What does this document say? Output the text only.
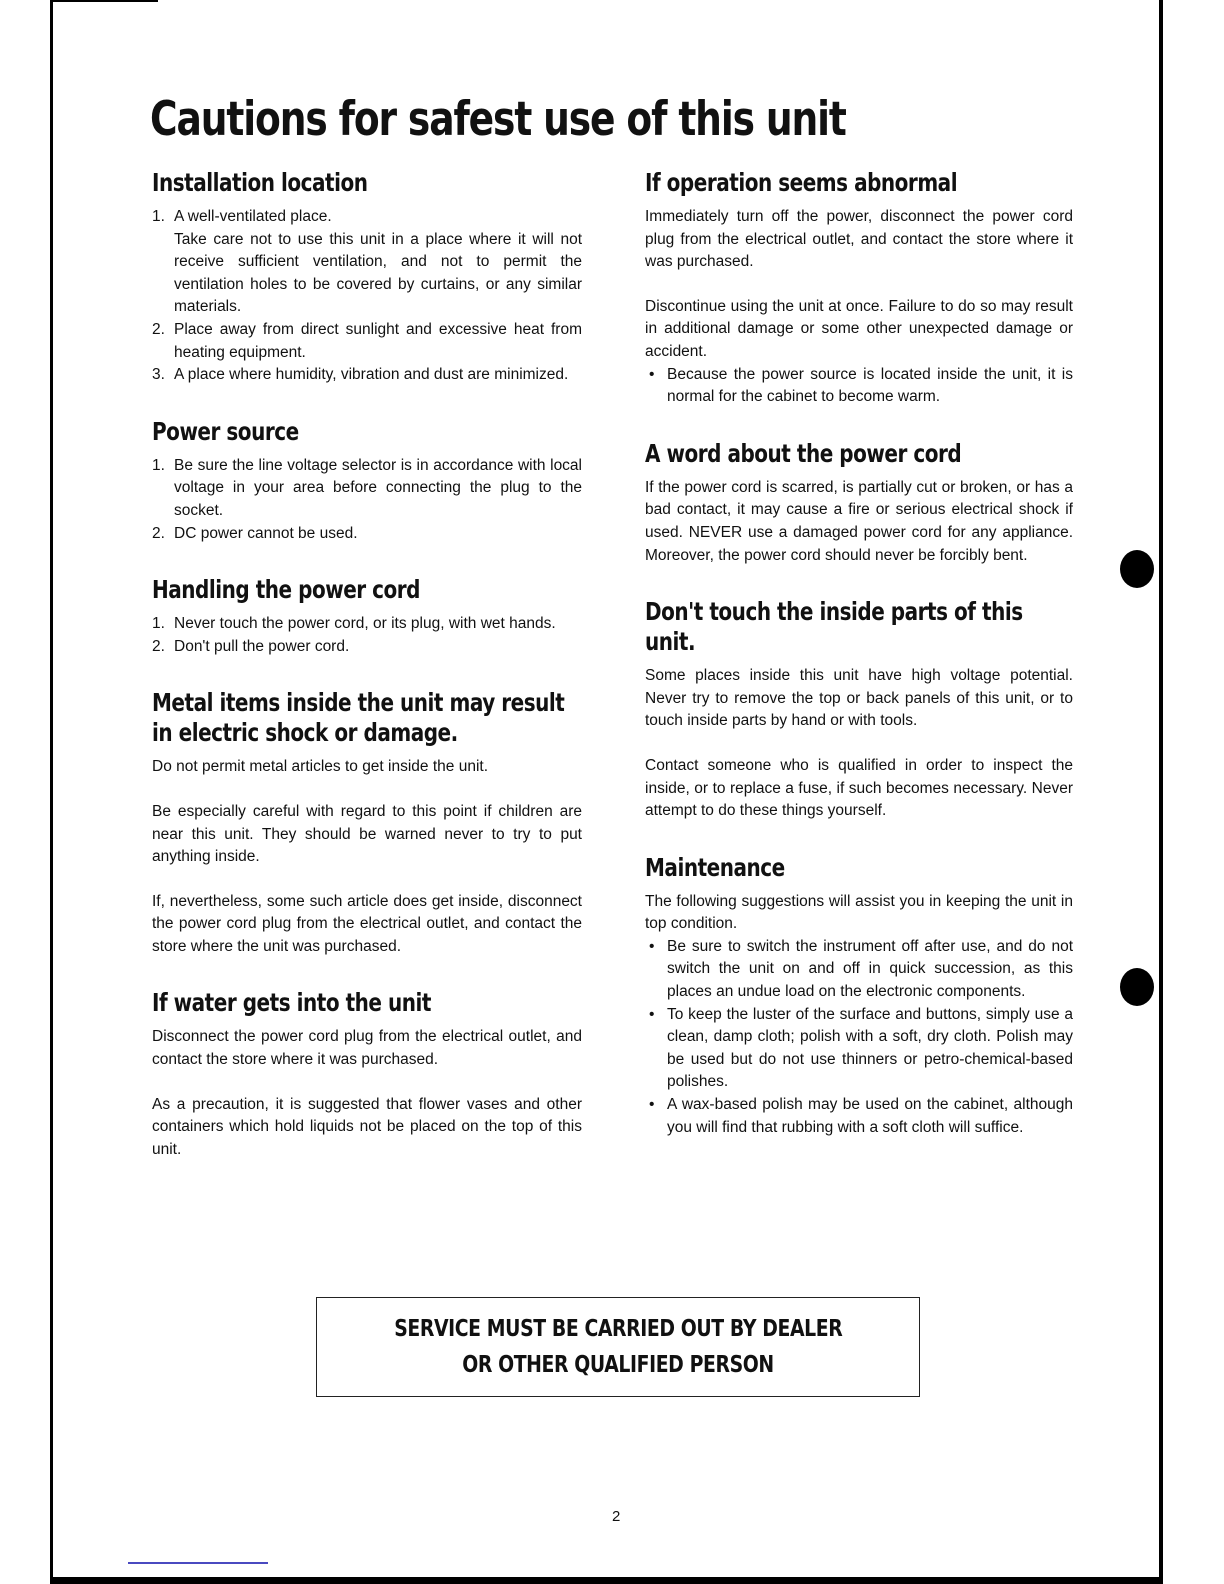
Cautions for safest use of this unit
Installation location
1. A well-ventilated place.
Take care not to use this unit in a place where it will not receive sufficient ventilation, and not to permit the ventilation holes to be covered by curtains, or any similar materials.
2. Place away from direct sunlight and excessive heat from heating equipment.
3. A place where humidity, vibration and dust are minimized.
Power source
1. Be sure the line voltage selector is in accordance with local voltage in your area before connecting the plug to the socket.
2. DC power cannot be used.
Handling the power cord
1. Never touch the power cord, or its plug, with wet hands.
2. Don't pull the power cord.
Metal items inside the unit may result in electric shock or damage.

Do not permit metal articles to get inside the unit.

Be especially careful with regard to this point if children are near this unit. They should be warned never to try to put anything inside.

If, nevertheless, some such article does get inside, disconnect the power cord plug from the electrical outlet, and contact the store where the unit was purchased.

If water gets into the unit

Disconnect the power cord plug from the electrical outlet, and contact the store where it was purchased.

As a precaution, it is suggested that flower vases and other containers which hold liquids not be placed on the top of this unit.

If operation seems abnormal

Immediately turn off the power, disconnect the power cord plug from the electrical outlet, and contact the store where it was purchased.

Discontinue using the unit at once. Failure to do so may result in additional damage or some other unexpected damage or accident.

• Because the power source is located inside the unit, it is normal for the cabinet to become warm.
A word about the power cord

If the power cord is scarred, is partially cut or broken, or has a bad contact, it may cause a fire or serious electrical shock if used. NEVER use a damaged power cord for any appliance. Moreover, the power cord should never be forcibly bent.

Don't touch the inside parts of this unit.

Some places inside this unit have high voltage potential. Never try to remove the top or back panels of this unit, or to touch inside parts by hand or with tools.

Contact someone who is qualified in order to inspect the inside, or to replace a fuse, if such becomes necessary. Never attempt to do these things yourself.

Maintenance

The following suggestions will assist you in keeping the unit in top condition.

• Be sure to switch the instrument off after use, and do not switch the unit on and off in quick succession, as this places an undue load on the electronic components.
• To keep the luster of the surface and buttons, simply use a clean, damp cloth; polish with a soft, dry cloth. Polish may be used but do not use thinners or petro-chemical-based polishes.
• A wax-based polish may be used on the cabinet, although you will find that rubbing with a soft cloth will suffice.
SERVICE MUST BE CARRIED OUT BY DEALER
OR OTHER QUALIFIED PERSON
2
